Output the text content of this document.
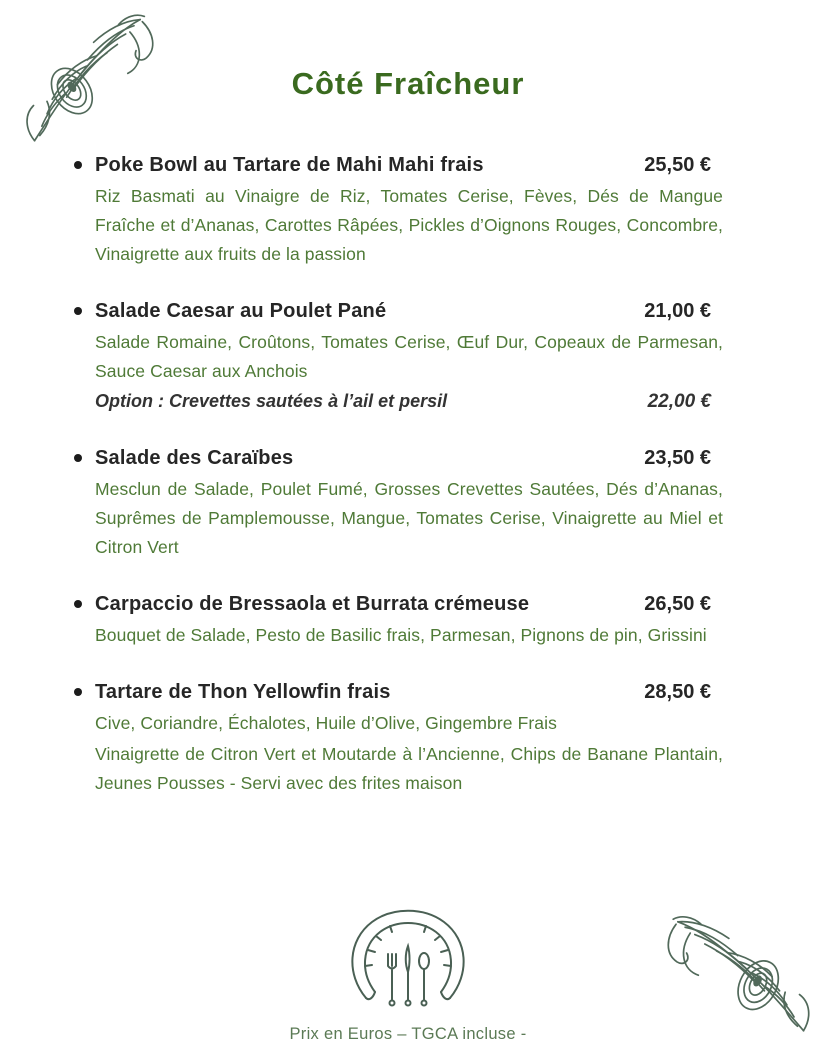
Côté Fraîcheur
Poke Bowl au Tartare de Mahi Mahi frais	25,50 €
Riz Basmati au Vinaigre de Riz, Tomates Cerise, Fèves, Dés de Mangue Fraîche et d’Ananas, Carottes Râpées, Pickles d’Oignons Rouges, Concombre, Vinaigrette aux fruits de la passion
Salade Caesar au Poulet Pané	21,00 €
Salade Romaine, Croûtons, Tomates Cerise, Œuf Dur, Copeaux de Parmesan, Sauce Caesar aux Anchois
Option : Crevettes sautées à l’ail et persil	22,00 €
Salade des Caraïbes	23,50 €
Mesclun de Salade, Poulet Fumé, Grosses Crevettes Sautées, Dés d’Ananas, Suprêmes de Pamplemousse, Mangue, Tomates Cerise, Vinaigrette au Miel et Citron Vert
Carpaccio de Bressaola et Burrata crémeuse	26,50 €
Bouquet de Salade, Pesto de Basilic frais, Parmesan, Pignons de pin, Grissini
Tartare de Thon Yellowfin frais	28,50 €
Cive, Coriandre, Échalotes, Huile d’Olive, Gingembre Frais
Vinaigrette de Citron Vert et Moutarde à l’Ancienne, Chips de Banane Plantain, Jeunes Pousses - Servi avec des frites maison
Prix en Euros – TGCA incluse -
